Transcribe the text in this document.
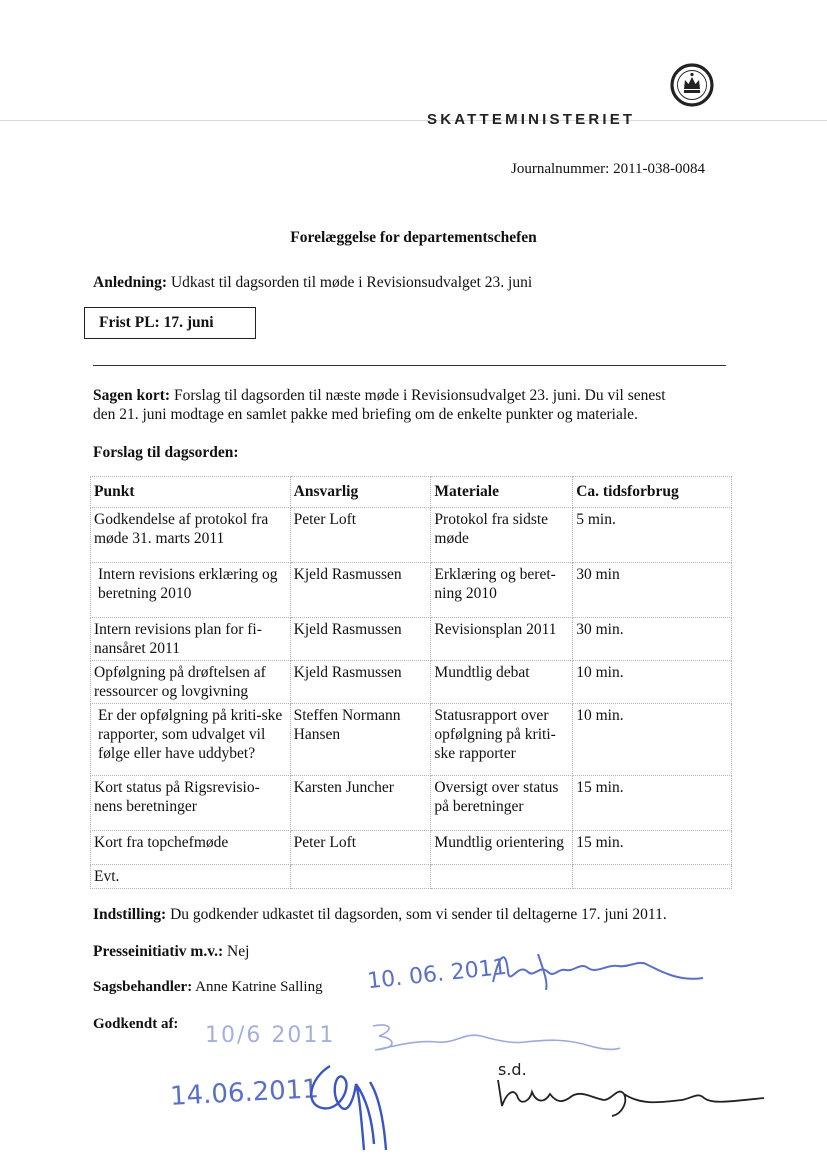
SKATTEMINISTERIET
Journalnummer: 2011-038-0084
Forelæggelse for departementschefen
Anledning: Udkast til dagsorden til møde i Revisionsudvalget 23. juni
Frist PL: 17. juni
Sagen kort: Forslag til dagsorden til næste møde i Revisionsudvalget 23. juni. Du vil senest
den 21. juni modtage en samlet pakke med briefing om de enkelte punkter og materiale.
Forslag til dagsorden:
Punkt	Ansvarlig	Materiale	Ca. tidsforbrug
Godkendelse af protokol fra møde 31. marts 2011	Peter Loft	Protokol fra sidste møde	5 min.
Intern revisions erklæring og beretning 2010	Kjeld Rasmussen	Erklæring og beret-ning 2010	30 min
Intern revisions plan for fi-nansåret 2011	Kjeld Rasmussen	Revisionsplan 2011	30 min.
Opfølgning på drøftelsen af ressourcer og lovgivning	Kjeld Rasmussen	Mundtlig debat	10 min.
Er der opfølgning på kriti-ske rapporter, som udvalget vil følge eller have uddybet?	Steffen Normann Hansen	Statusrapport over opfølgning på kriti-ske rapporter	10 min.
Kort status på Rigsrevisio-nens beretninger	Karsten Juncher	Oversigt over status på beretninger	15 min.
Kort fra topchefmøde	Peter Loft	Mundtlig orientering	15 min.
Evt.			
Indstilling: Du godkender udkastet til dagsorden, som vi sender til deltagerne 17. juni 2011.
Presseinitiativ m.v.: Nej
Sagsbehandler: Anne Katrine Salling 10. 06. 2011
Godkendt af: 10/6 2011
14.06.2011
s.d.
